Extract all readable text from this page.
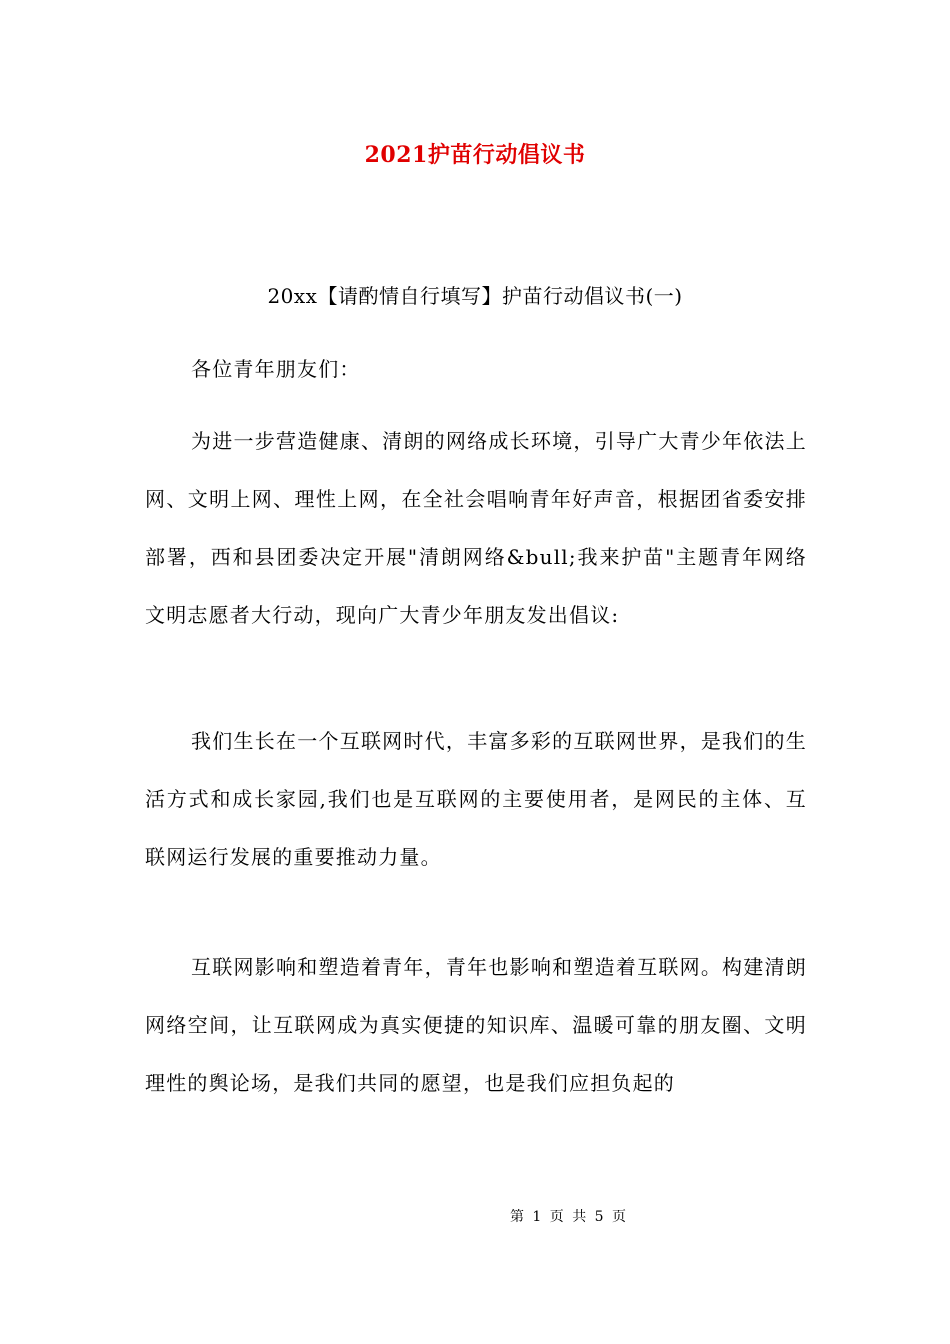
2021护苗行动倡议书
20xx【请酌情自行填写】护苗行动倡议书(一)
各位青年朋友们：
为进一步营造健康、清朗的网络成长环境，引导广大青少年依法上网、文明上网、理性上网，在全社会唱响青年好声音，根据团省委安排部署，西和县团委决定开展"清朗网络&bull;我来护苗"主题青年网络文明志愿者大行动，现向广大青少年朋友发出倡议:
我们生长在一个互联网时代，丰富多彩的互联网世界，是我们的生活方式和成长家园,我们也是互联网的主要使用者，是网民的主体、互联网运行发展的重要推动力量。
互联网影响和塑造着青年，青年也影响和塑造着互联网。构建清朗网络空间，让互联网成为真实便捷的知识库、温暖可靠的朋友圈、文明理性的舆论场，是我们共同的愿望，也是我们应担负起的
第 1 页 共 5 页
